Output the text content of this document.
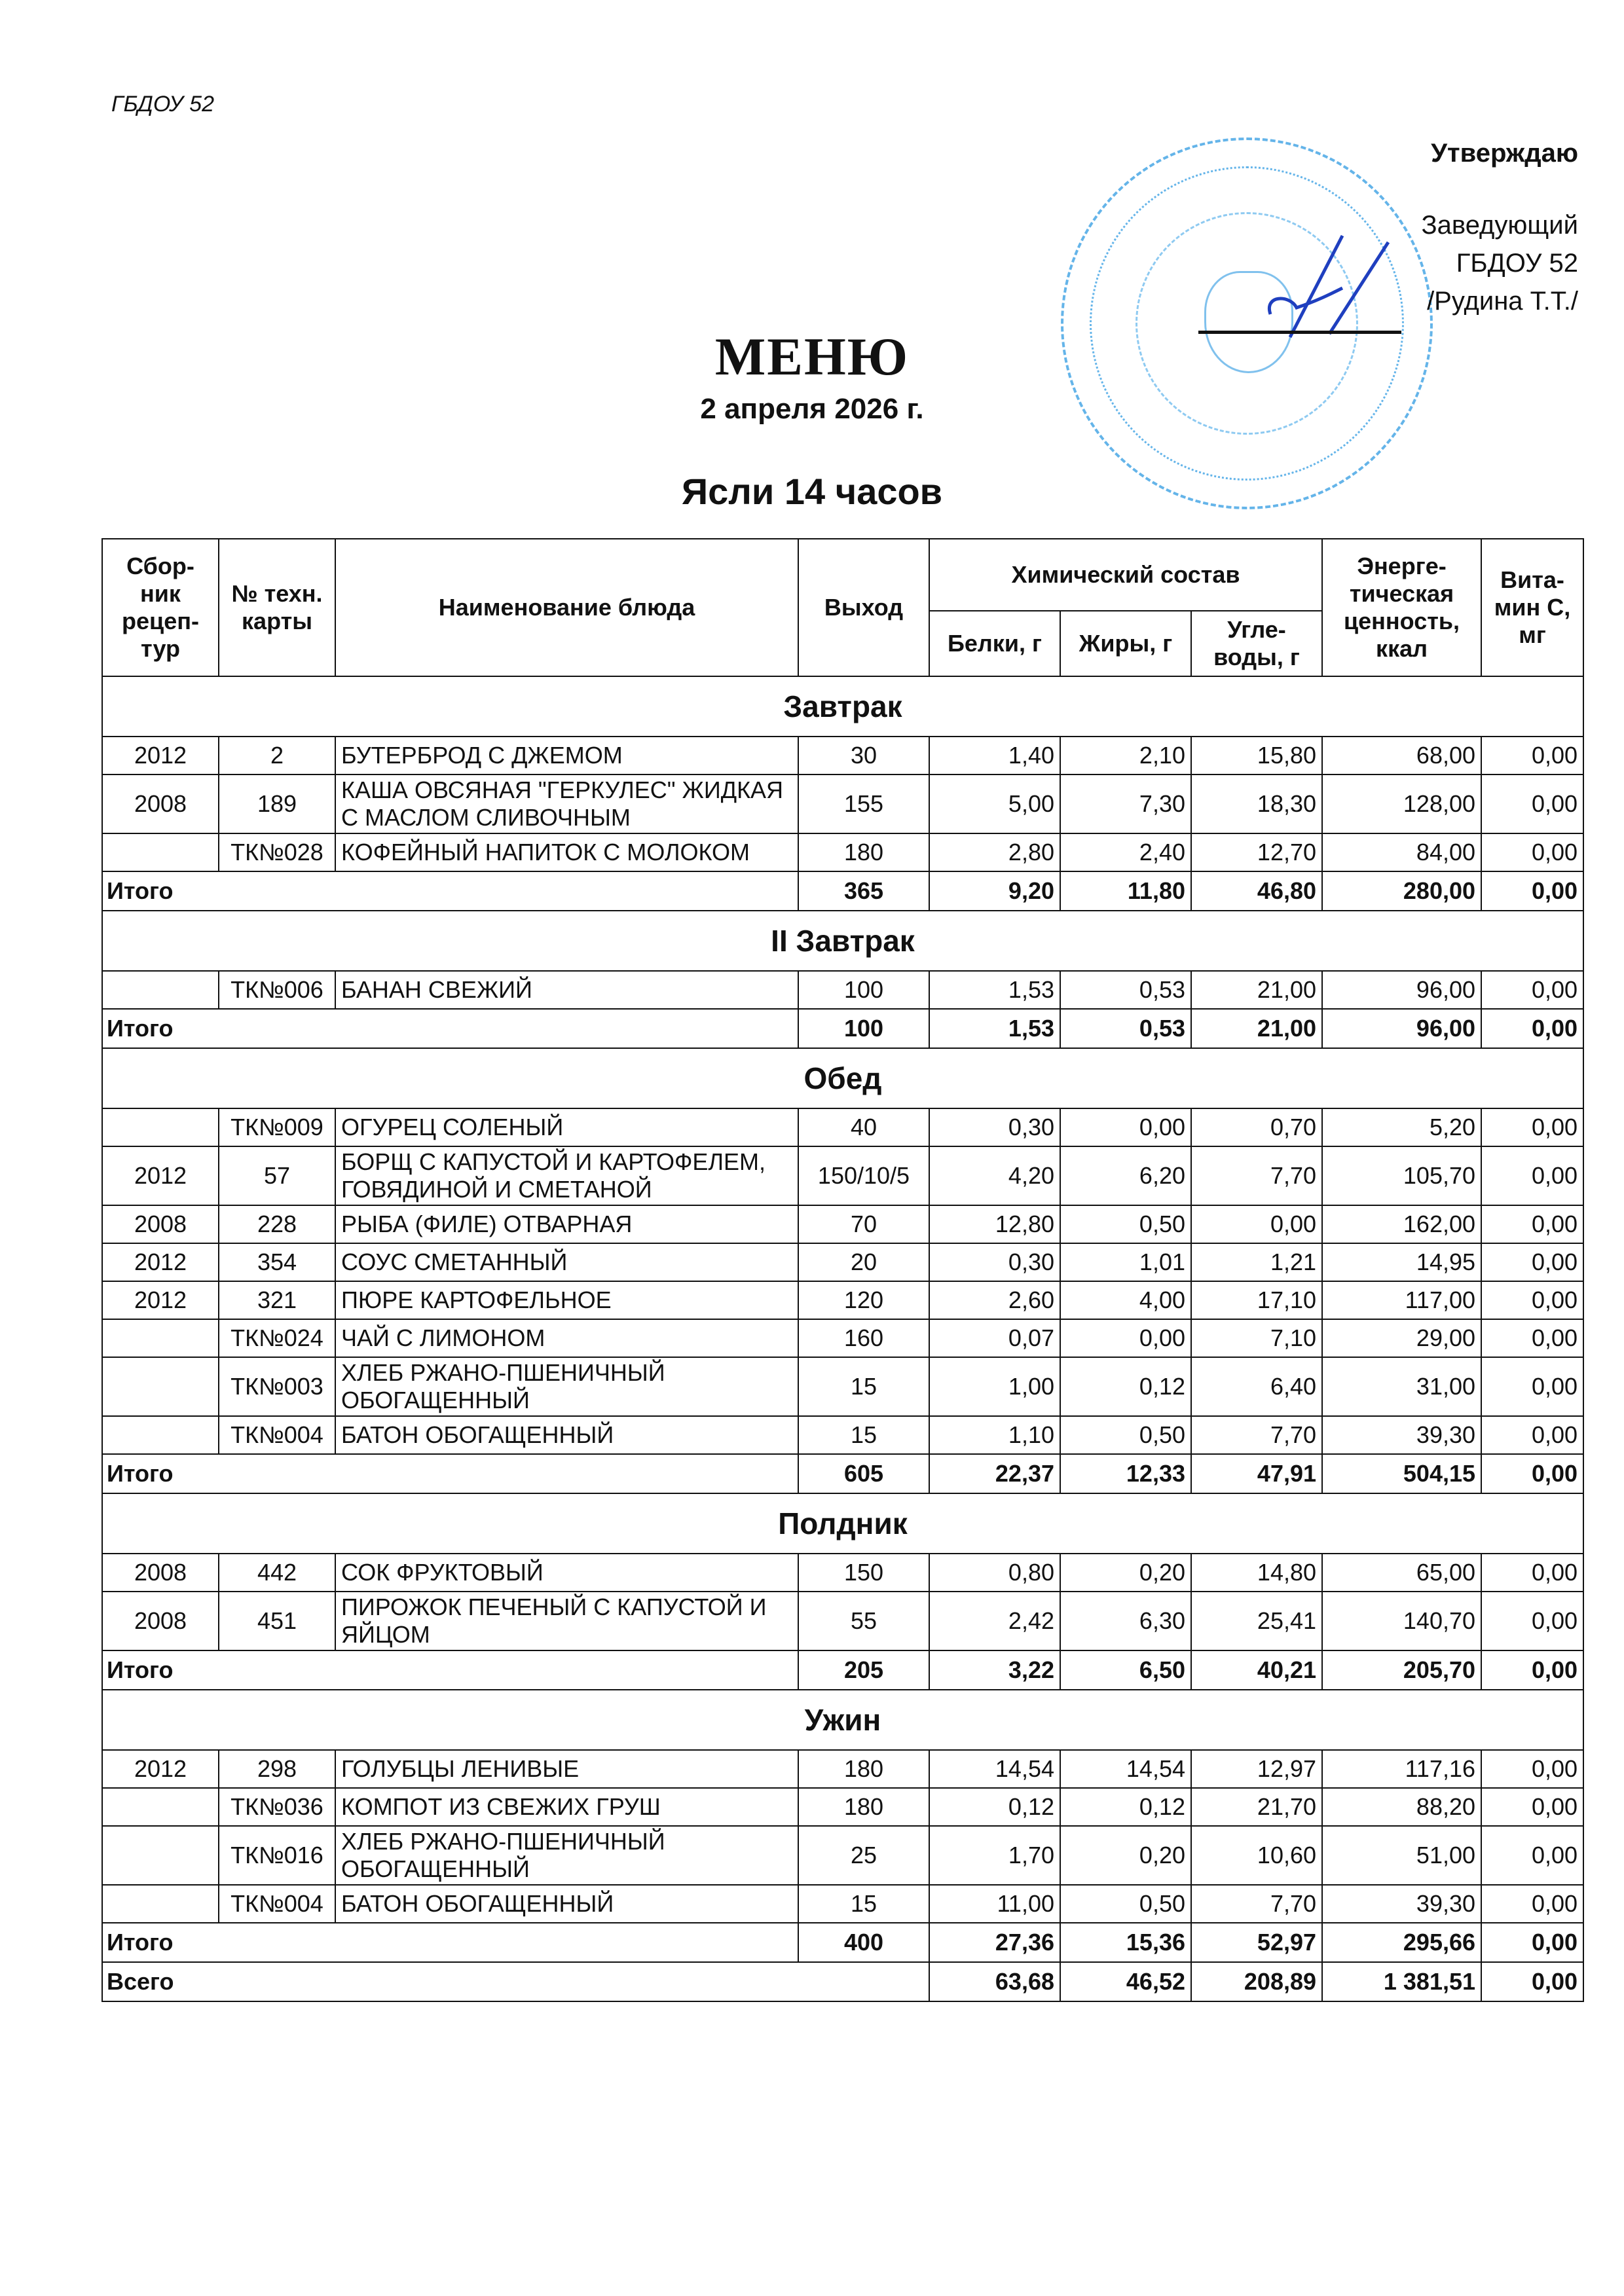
ГБДОУ 52
Утверждаю
Заведующий
ГБДОУ 52
/Рудина Т.Т./
МЕНЮ
2 апреля 2026 г.
Ясли 14 часов
Сбор-ник рецеп-тур	№ техн. карты	Наименование блюда	Выход	Химический состав			Энерге-тическая ценность, ккал	Вита-мин С, мг
				Белки, г	Жиры, г	Угле-воды, г		
Завтрак								
2012	2	БУТЕРБРОД С ДЖЕМОМ	30	1,40	2,10	15,80	68,00	0,00
2008	189	КАША ОВСЯНАЯ "ГЕРКУЛЕС" ЖИДКАЯ С МАСЛОМ СЛИВОЧНЫМ	155	5,00	7,30	18,30	128,00	0,00
	ТК№028	КОФЕЙНЫЙ НАПИТОК С МОЛОКОМ	180	2,80	2,40	12,70	84,00	0,00
Итого			365	9,20	11,80	46,80	280,00	0,00
II Завтрак								
	ТК№006	БАНАН СВЕЖИЙ	100	1,53	0,53	21,00	96,00	0,00
Итого			100	1,53	0,53	21,00	96,00	0,00
Обед								
	ТК№009	ОГУРЕЦ СОЛЕНЫЙ	40	0,30	0,00	0,70	5,20	0,00
2012	57	БОРЩ С КАПУСТОЙ И КАРТОФЕЛЕМ, ГОВЯДИНОЙ И СМЕТАНОЙ	150/10/5	4,20	6,20	7,70	105,70	0,00
2008	228	РЫБА (ФИЛЕ) ОТВАРНАЯ	70	12,80	0,50	0,00	162,00	0,00
2012	354	СОУС СМЕТАННЫЙ	20	0,30	1,01	1,21	14,95	0,00
2012	321	ПЮРЕ КАРТОФЕЛЬНОЕ	120	2,60	4,00	17,10	117,00	0,00
	ТК№024	ЧАЙ С ЛИМОНОМ	160	0,07	0,00	7,10	29,00	0,00
	ТК№003	ХЛЕБ РЖАНО-ПШЕНИЧНЫЙ ОБОГАЩЕННЫЙ	15	1,00	0,12	6,40	31,00	0,00
	ТК№004	БАТОН ОБОГАЩЕННЫЙ	15	1,10	0,50	7,70	39,30	0,00
Итого			605	22,37	12,33	47,91	504,15	0,00
Полдник								
2008	442	СОК ФРУКТОВЫЙ	150	0,80	0,20	14,80	65,00	0,00
2008	451	ПИРОЖОК ПЕЧЕНЫЙ С КАПУСТОЙ И ЯЙЦОМ	55	2,42	6,30	25,41	140,70	0,00
Итого			205	3,22	6,50	40,21	205,70	0,00
Ужин								
2012	298	ГОЛУБЦЫ ЛЕНИВЫЕ	180	14,54	14,54	12,97	117,16	0,00
	ТК№036	КОМПОТ ИЗ СВЕЖИХ ГРУШ	180	0,12	0,12	21,70	88,20	0,00
	ТК№016	ХЛЕБ РЖАНО-ПШЕНИЧНЫЙ ОБОГАЩЕННЫЙ	25	1,70	0,20	10,60	51,00	0,00
	ТК№004	БАТОН ОБОГАЩЕННЫЙ	15	11,00	0,50	7,70	39,30	0,00
Итого			400	27,36	15,36	52,97	295,66	0,00
Всего				63,68	46,52	208,89	1 381,51	0,00
